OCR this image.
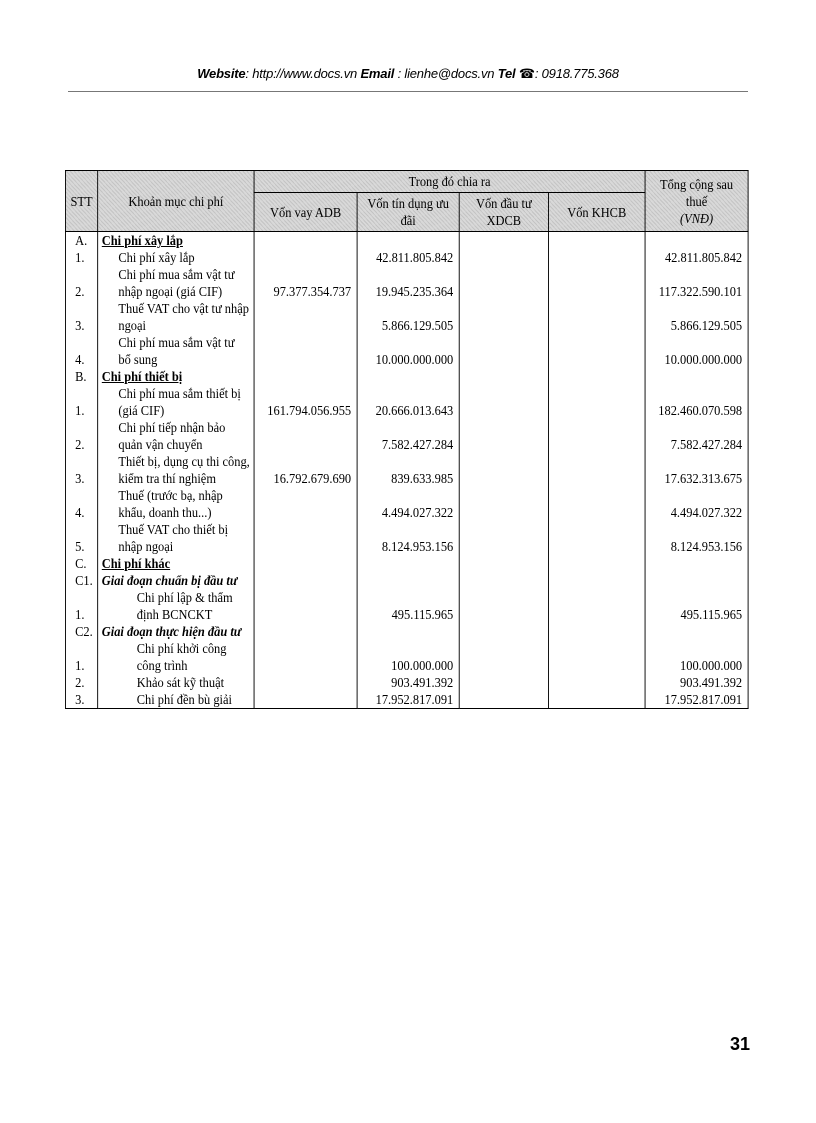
Website: http://www.docs.vn Email : lienhe@docs.vn Tel ☎: 0918.775.368
STT	Khoản mục chi phí	Trong đó chia ra				Tổng cộng sau thuế
(VNĐ)
		Vốn vay ADB	Vốn tín dụng ưu đãi	Vốn đầu tư XDCB	Vốn KHCB	
A.	Chi phí xây lắp					
1.	Chi phí xây lắp		42.811.805.842			42.811.805.842
2.	Chi phí mua sắm vật tư nhập ngoại (giá CIF)	97.377.354.737	19.945.235.364			117.322.590.101
3.	Thuế VAT cho vật tư nhập ngoại		5.866.129.505			5.866.129.505
4.	Chi phí mua sắm vật tư bổ sung		10.000.000.000			10.000.000.000
B.	Chi phí thiết bị					
1.	Chi phí mua sắm thiết bị (giá CIF)	161.794.056.955	20.666.013.643			182.460.070.598
2.	Chi phí tiếp nhận bảo quản vận chuyển		7.582.427.284			7.582.427.284
3.	Thiết bị, dụng cụ thi công, kiểm tra thí nghiệm	16.792.679.690	839.633.985			17.632.313.675
4.	Thuế (trước bạ, nhập khẩu, doanh thu...)		4.494.027.322			4.494.027.322
5.	Thuế VAT cho thiết bị nhập ngoại		8.124.953.156			8.124.953.156
C.	Chi phí khác					
C1.	Giai đoạn chuẩn bị đầu tư					
1.	Chi phí lập & thẩm định BCNCKT		495.115.965			495.115.965
C2.	Giai đoạn thực hiện đầu tư					
1.	Chi phí khởi công công trình		100.000.000			100.000.000
2.	Khảo sát kỹ thuật		903.491.392			903.491.392
3.	Chi phí đền bù giải		17.952.817.091			17.952.817.091
31
